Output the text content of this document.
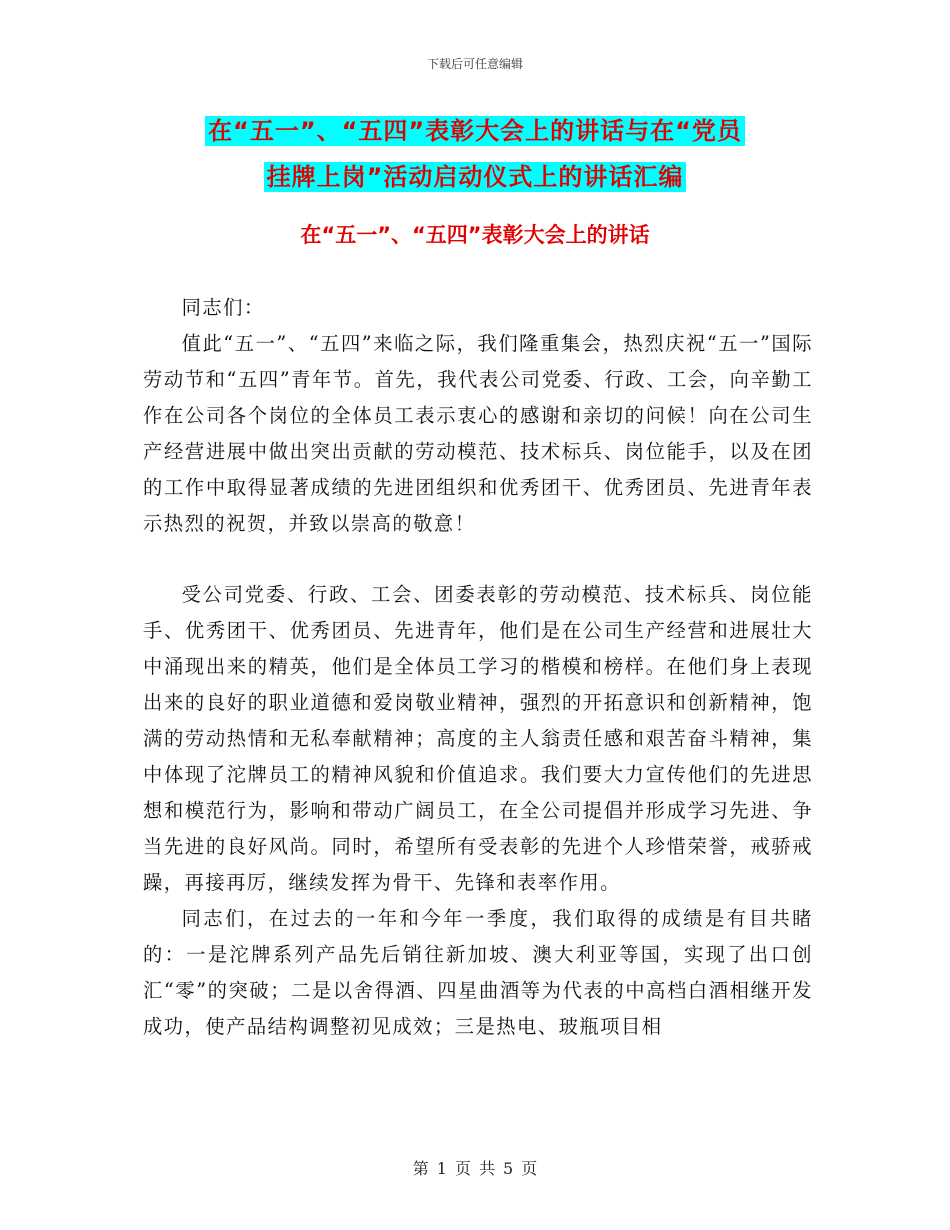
下载后可任意编辑
在“五一”、“五四”表彰大会上的讲话与在“党员
挂牌上岗”活动启动仪式上的讲话汇编
在“五一”、“五四”表彰大会上的讲话

同志们：

值此“五一”、“五四”来临之际，我们隆重集会，热烈庆祝“五一”国际劳动节和“五四”青年节。首先，我代表公司党委、行政、工会，向辛勤工作在公司各个岗位的全体员工表示衷心的感谢和亲切的问候！向在公司生产经营进展中做出突出贡献的劳动模范、技术标兵、岗位能手，以及在团的工作中取得显著成绩的先进团组织和优秀团干、优秀团员、先进青年表示热烈的祝贺，并致以崇高的敬意！

受公司党委、行政、工会、团委表彰的劳动模范、技术标兵、岗位能手、优秀团干、优秀团员、先进青年，他们是在公司生产经营和进展壮大中涌现出来的精英，他们是全体员工学习的楷模和榜样。在他们身上表现出来的良好的职业道德和爱岗敬业精神，强烈的开拓意识和创新精神，饱满的劳动热情和无私奉献精神；高度的主人翁责任感和艰苦奋斗精神，集中体现了沱牌员工的精神风貌和价值追求。我们要大力宣传他们的先进思想和模范行为，影响和带动广阔员工，在全公司提倡并形成学习先进、争当先进的良好风尚。同时，希望所有受表彰的先进个人珍惜荣誉，戒骄戒躁，再接再厉，继续发挥为骨干、先锋和表率作用。

同志们，在过去的一年和今年一季度，我们取得的成绩是有目共睹的：一是沱牌系列产品先后销往新加坡、澳大利亚等国，实现了出口创汇“零”的突破；二是以舍得酒、四星曲酒等为代表的中高档白酒相继开发成功，使产品结构调整初见成效；三是热电、玻瓶项目相

第 1 页 共 5 页
